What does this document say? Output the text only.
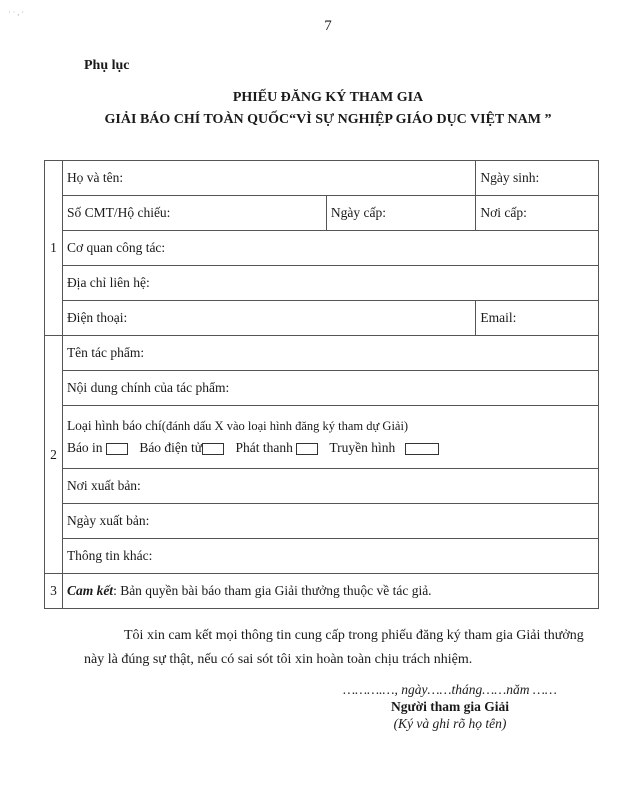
· · , ·
7
Phụ lục
PHIẾU ĐĂNG KÝ THAM GIA
GIẢI BÁO CHÍ TOÀN QUỐC“VÌ SỰ NGHIỆP GIÁO DỤC VIỆT NAM ”
1	Họ và tên:		Ngày sinh:
	Số CMT/Hộ chiếu:	Ngày cấp:	Nơi cấp:
	Cơ quan công tác:		
	Địa chỉ liên hệ:		
	Điện thoại:		Email:
2	Tên tác phẩm:		
	Nội dung chính của tác phẩm:		

	Loại hình báo chí(đánh dấu X vào loại hình đăng ký tham dự Giải)
Báo in Báo điện tử Phát thanh Truyền hình		

	Nơi xuất bản:		
	Ngày xuất bản:		
	Thông tin khác:		
3	Cam kết: Bản quyền bài báo tham gia Giải thưởng thuộc về tác giả.		
Tôi xin cam kết mọi thông tin cung cấp trong phiếu đăng ký tham gia Giải thưởng này là đúng sự thật, nếu có sai sót tôi xin hoàn toàn chịu trách nhiệm.
……….…, ngày……tháng……năm ……
Người tham gia Giải
(Ký và ghi rõ họ tên)
